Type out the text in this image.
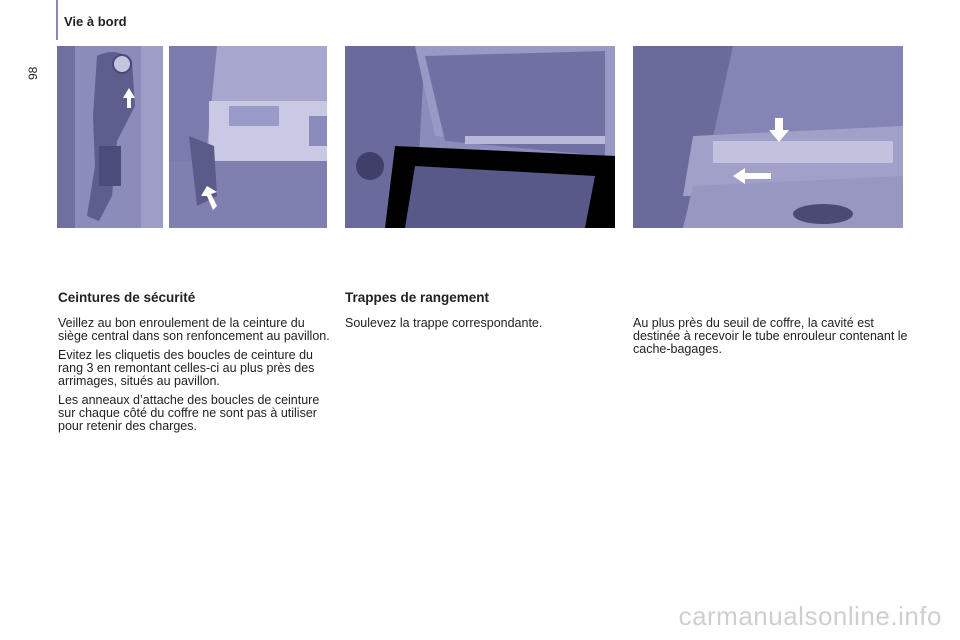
98
Vie à bord
Ceintures de sécurité	Trappes de rangement

Veillez au bon enroulement de la ceinture du siège central dans son renfoncement au pavillon.

Evitez les cliquetis des boucles de ceinture du rang 3 en remontant celles-ci au plus près des arrimages, situés au pavillon.

Les anneaux d’attache des boucles de ceinture sur chaque côté du coffre ne sont pas à utiliser pour retenir des charges.

Soulevez la trappe correspondante.	Au plus près du seuil de coffre, la cavité est destinée à recevoir le tube enrouleur contenant le cache-bagages.

carmanualsonline.info
